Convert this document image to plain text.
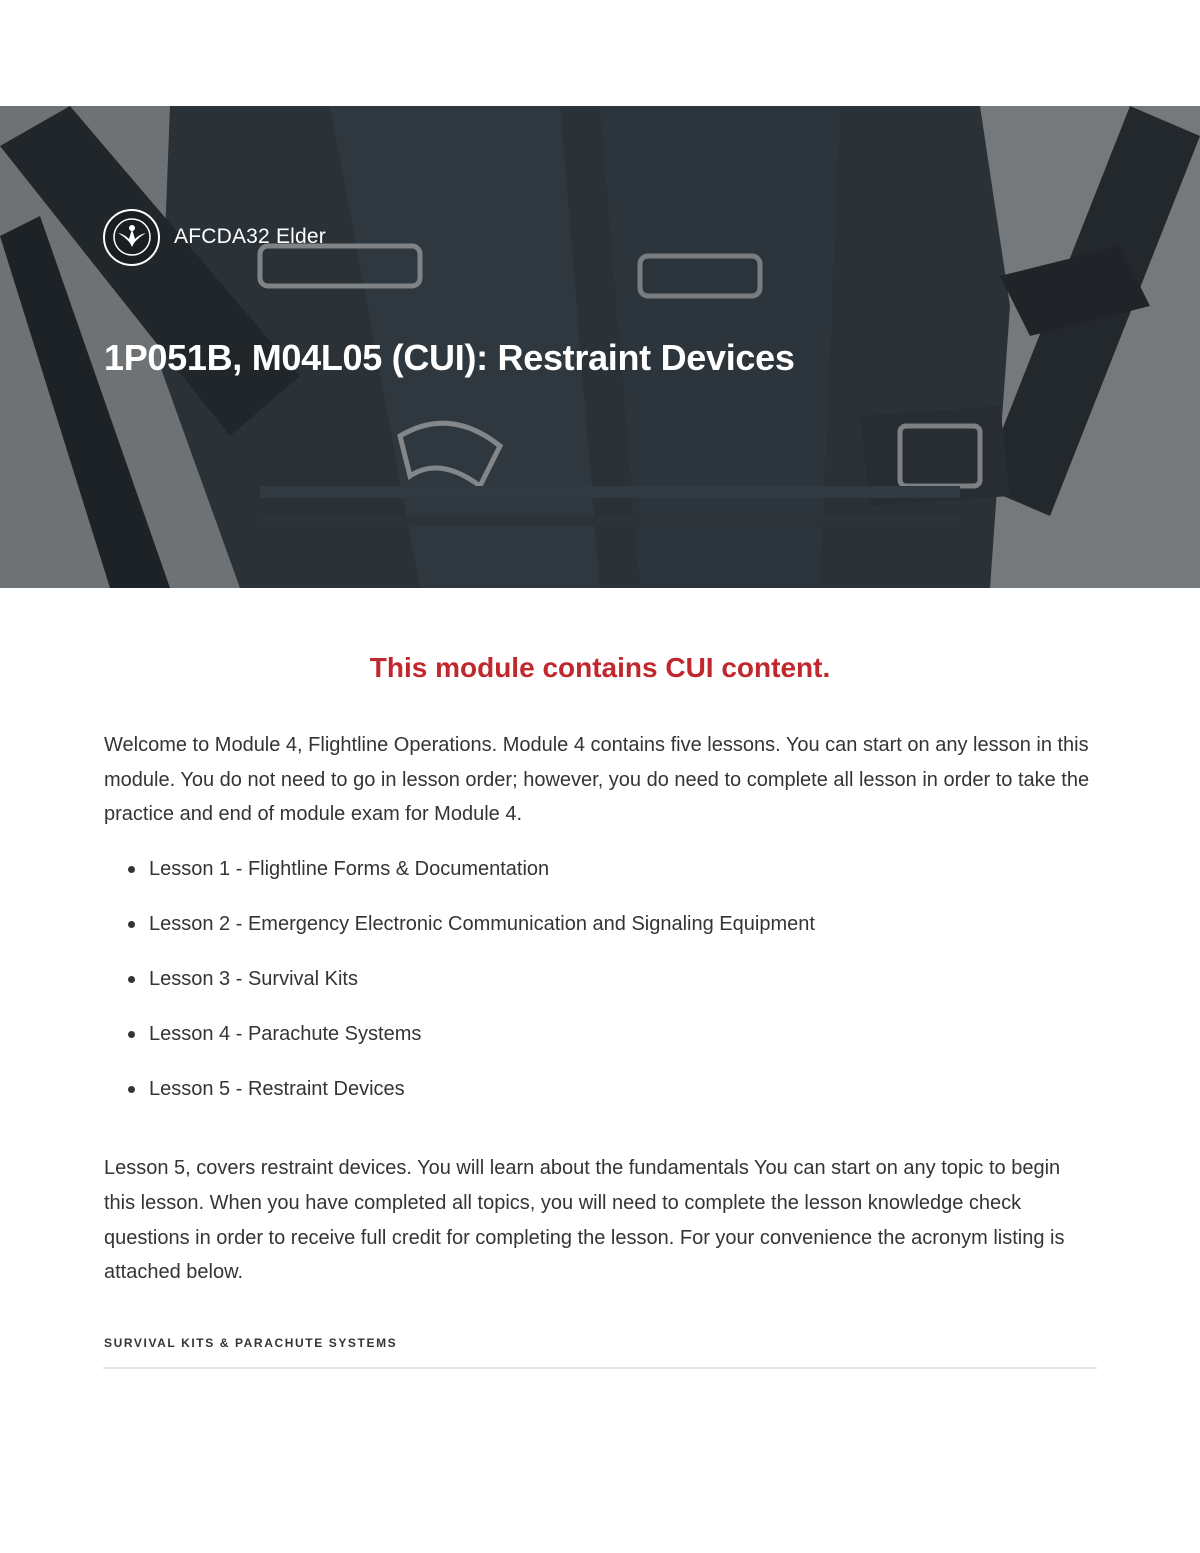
AFCDA32 Elder
1P051B, M04L05 (CUI): Restraint Devices
This module contains CUI content.

Welcome to Module 4, Flightline Operations. Module 4 contains five lessons. You can start on any lesson in this module. You do not need to go in lesson order; however, you do need to complete all lesson in order to take the practice and end of module exam for Module 4.

Lesson 1 - Flightline Forms & Documentation
Lesson 2 - Emergency Electronic Communication and Signaling Equipment
Lesson 3 - Survival Kits
Lesson 4 - Parachute Systems
Lesson 5 - Restraint Devices

Lesson 5, covers restraint devices. You will learn about the fundamentals You can start on any topic to begin this lesson. When you have completed all topics, you will need to complete the lesson knowledge check questions in order to receive full credit for completing the lesson. For your convenience the acronym listing is attached below.

SURVIVAL KITS & PARACHUTE SYSTEMS
